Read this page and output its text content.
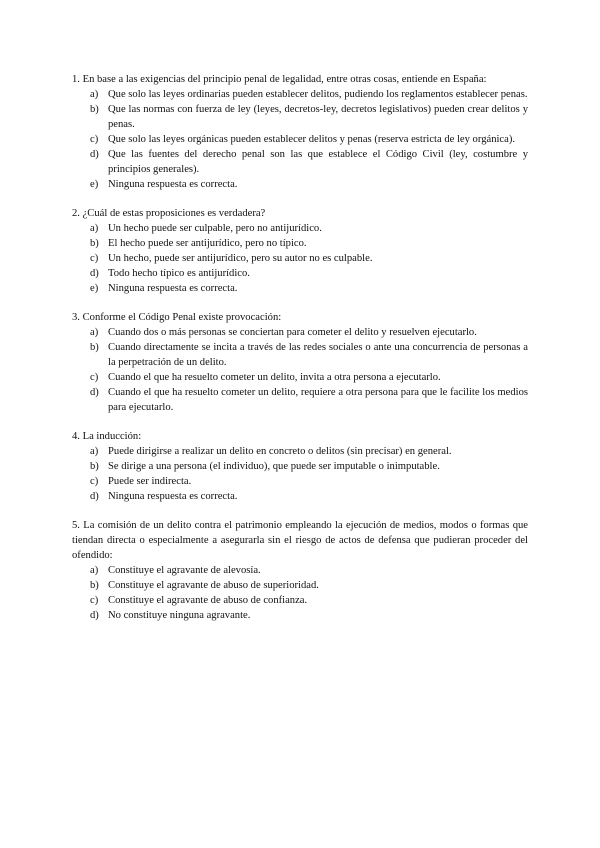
1. En base a las exigencias del principio penal de legalidad, entre otras cosas, entiende en España:

a) Que solo las leyes ordinarias pueden establecer delitos, pudiendo los reglamentos establecer penas.
b) Que las normas con fuerza de ley (leyes, decretos-ley, decretos legislativos) pueden crear delitos y penas.
c) Que solo las leyes orgánicas pueden establecer delitos y penas (reserva estricta de ley orgánica).
d) Que las fuentes del derecho penal son las que establece el Código Civil (ley, costumbre y principios generales).
e) Ninguna respuesta es correcta.

2. ¿Cuál de estas proposiciones es verdadera?

a) Un hecho puede ser culpable, pero no antijurídico.
b) El hecho puede ser antijurídico, pero no típico.
c) Un hecho, puede ser antijurídico, pero su autor no es culpable.
d) Todo hecho típico es antijurídico.
e) Ninguna respuesta es correcta.

3. Conforme el Código Penal existe provocación:

a) Cuando dos o más personas se conciertan para cometer el delito y resuelven ejecutarlo.
b) Cuando directamente se incita a través de las redes sociales o ante una concurrencia de personas a la perpetración de un delito.
c) Cuando el que ha resuelto cometer un delito, invita a otra persona a ejecutarlo.
d) Cuando el que ha resuelto cometer un delito, requiere a otra persona para que le facilite los medios para ejecutarlo.

4. La inducción:

a) Puede dirigirse a realizar un delito en concreto o delitos (sin precisar) en general.
b) Se dirige a una persona (el individuo), que puede ser imputable o inimputable.
c) Puede ser indirecta.
d) Ninguna respuesta es correcta.

5. La comisión de un delito contra el patrimonio empleando la ejecución de medios, modos o formas que tiendan directa o especialmente a asegurarla sin el riesgo de actos de defensa que pudieran proceder del ofendido:

a) Constituye el agravante de alevosía.
b) Constituye el agravante de abuso de superioridad.
c) Constituye el agravante de abuso de confianza.
d) No constituye ninguna agravante.
